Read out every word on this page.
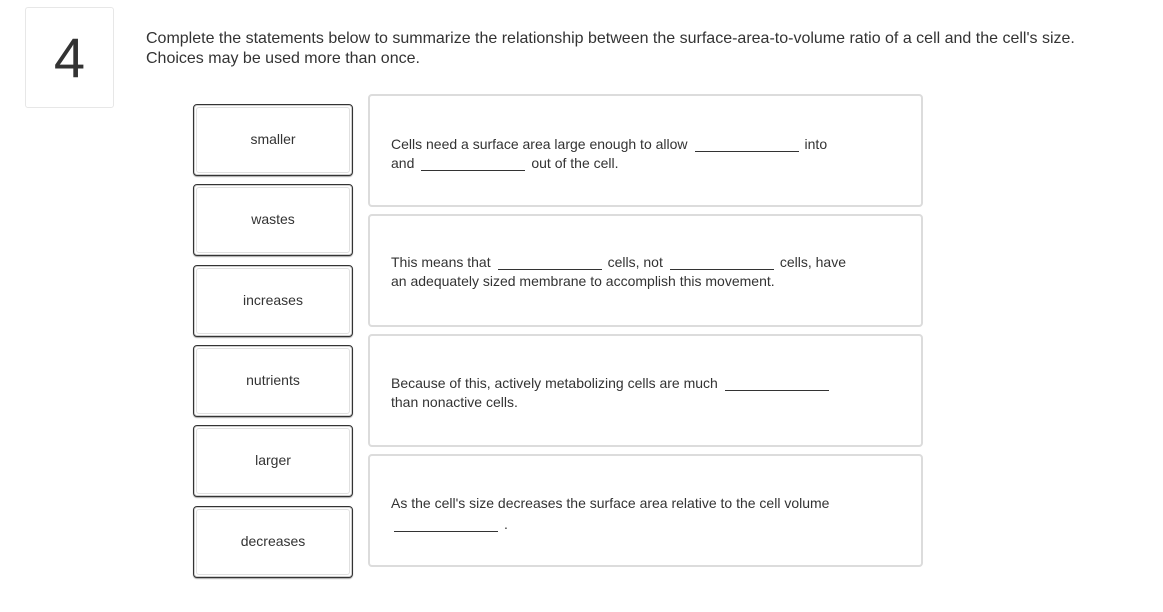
4	Complete the statements below to summarize the relationship between the surface-area-to-volume ratio of a cell and the cell's size.

Choices may be used more than once.

smaller
wastes
increases
nutrients
larger
decreases
Cells need a surface area large enough to allow	into
and	out of the cell.
This means that	cells, not	cells, have
an adequately sized membrane to accomplish this movement.
Because of this, actively metabolizing cells are much
than nonactive cells.
As the cell's size decreases the surface area relative to the cell volume
.
